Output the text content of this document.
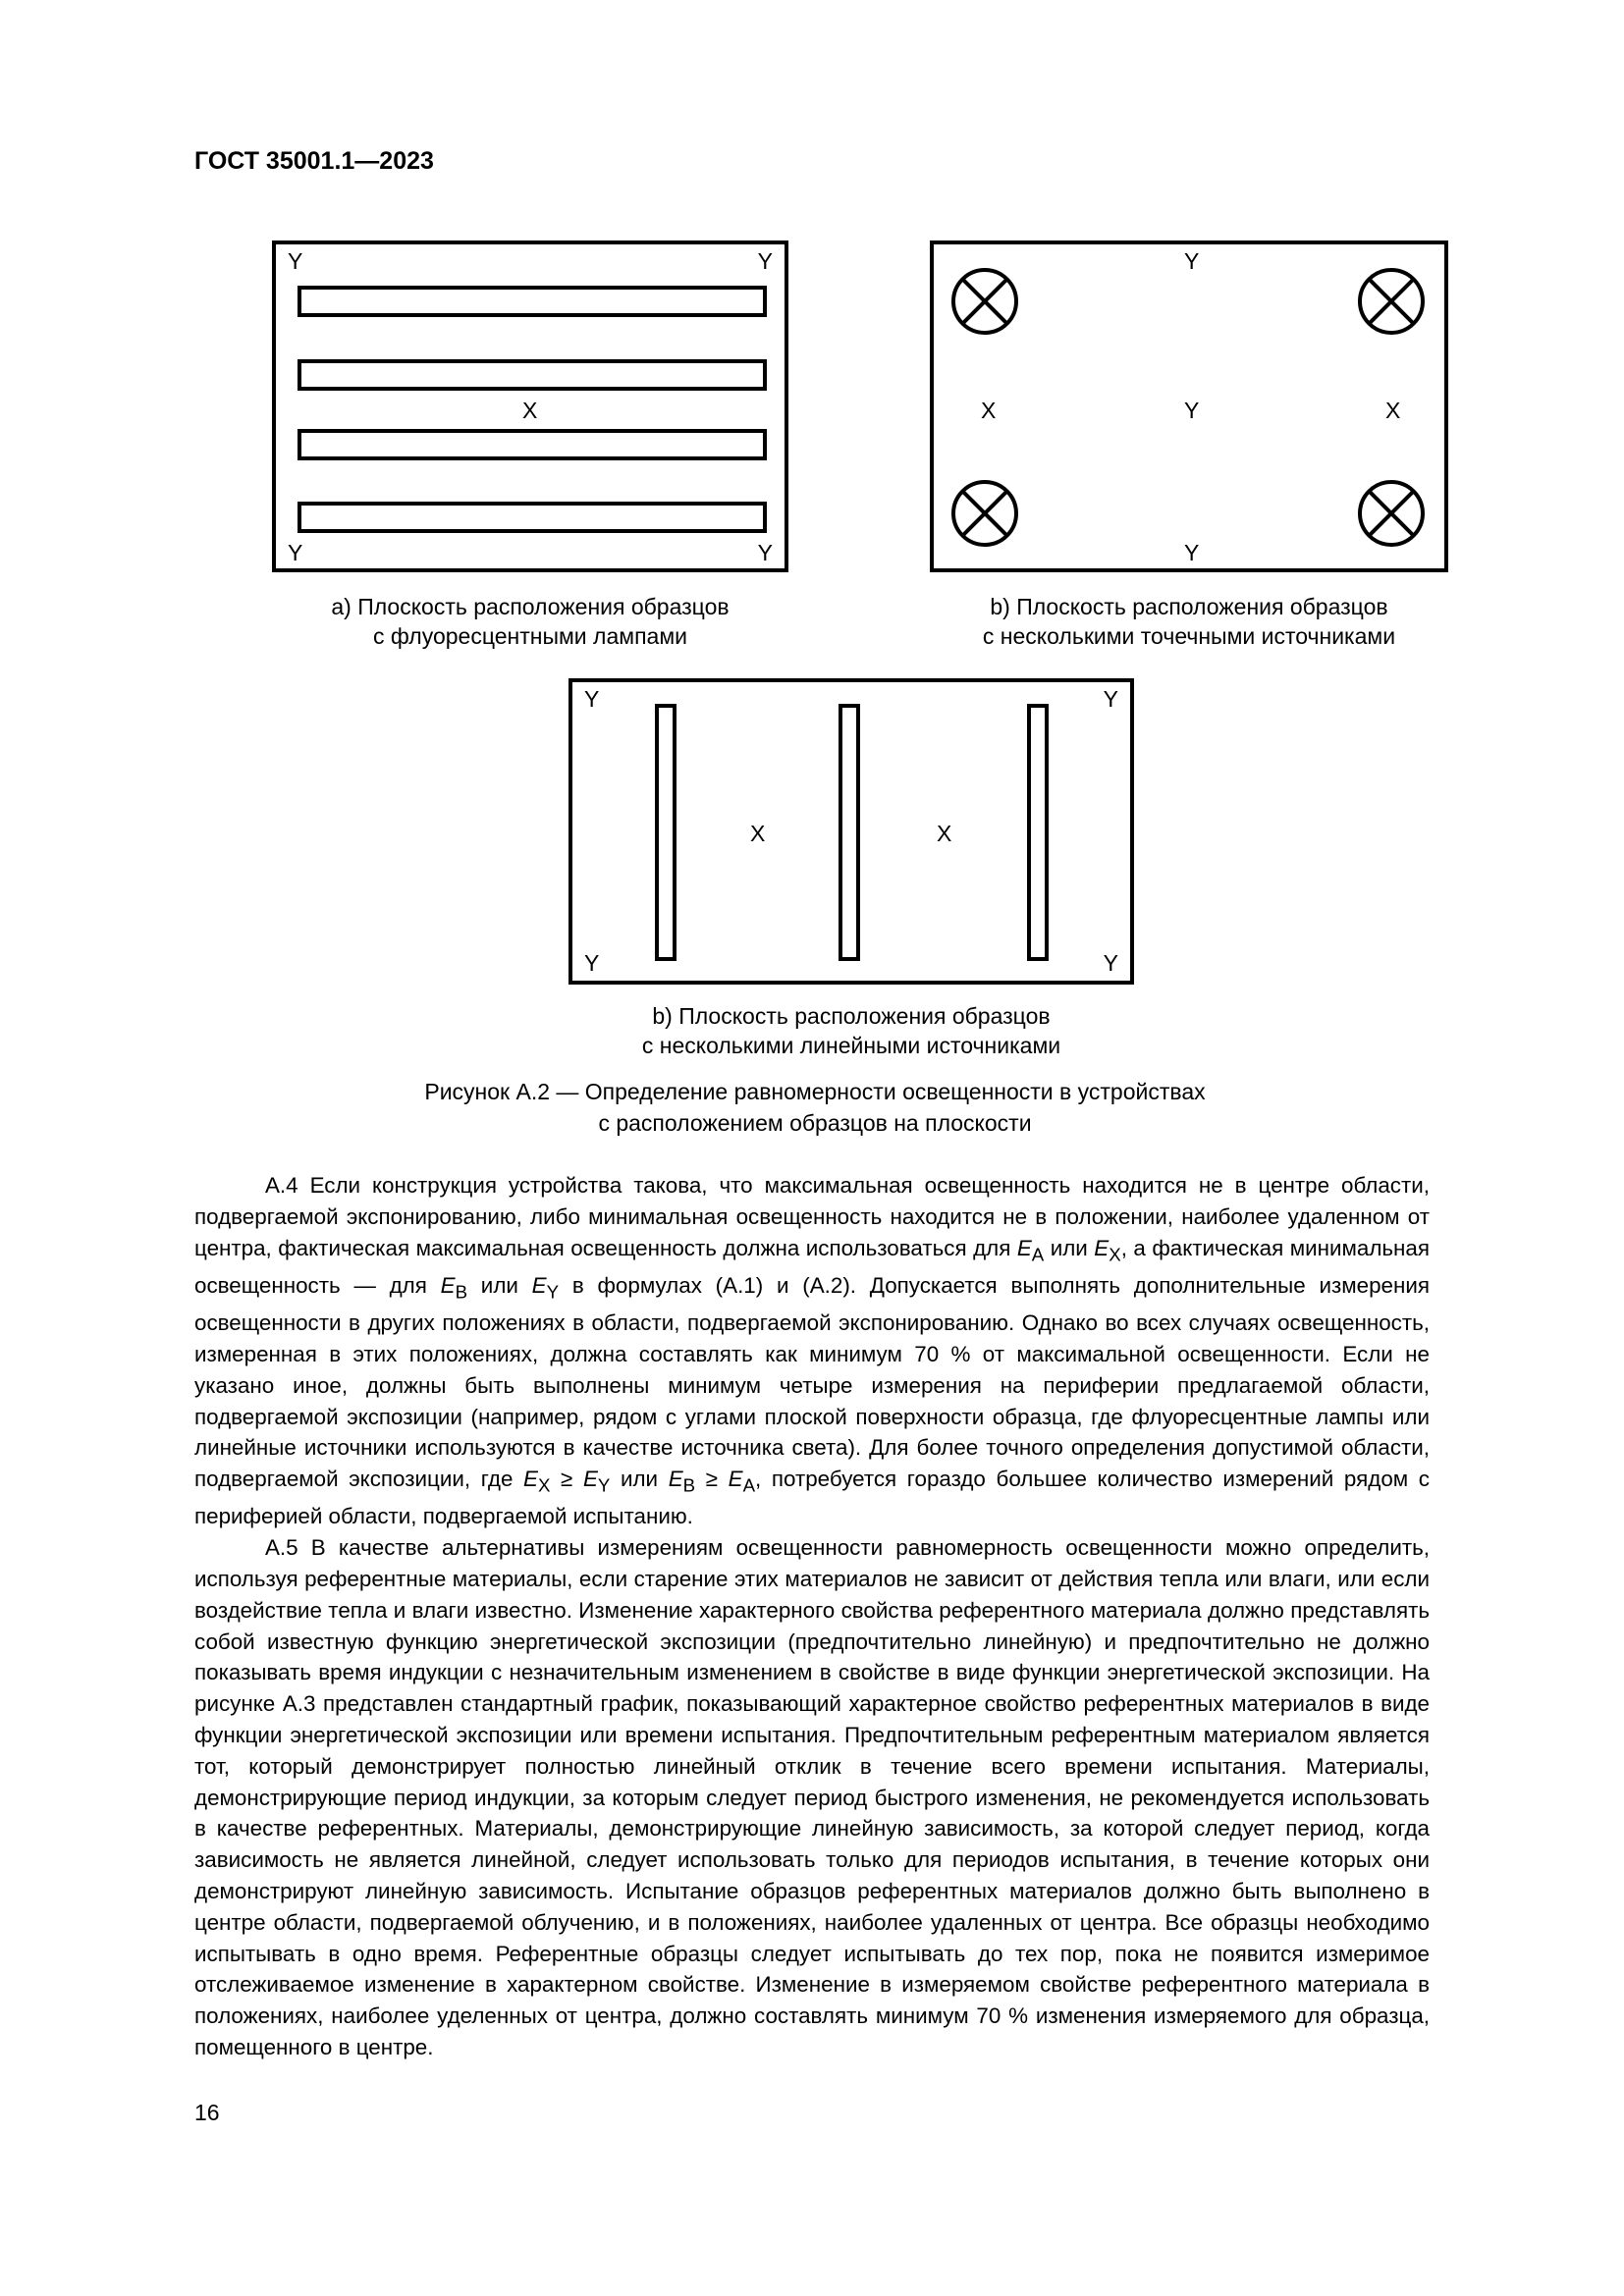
ГОСТ 35001.1—2023
Y	Y
Y	Y
X
а) Плоскость расположения образцов
с флуоресцентными лампами
Y
Y
Y
X	X
b) Плоскость расположения образцов
с несколькими точечными источниками
Y	Y
Y	Y
X	X
b) Плоскость расположения образцов
с несколькими линейными источниками
Рисунок А.2 — Определение равномерности освещенности в устройствах
с расположением образцов на плоскости

А.4 Если конструкция устройства такова, что максимальная освещенность находится не в центре области, подвергаемой экспонированию, либо минимальная освещенность находится не в положении, наиболее удаленном от центра, фактическая максимальная освещенность должна использоваться для $E_A$ или $E_X$, а фактическая минимальная освещенность — для $E_B$ или $E_Y$ в формулах (А.1) и (А.2). Допускается выполнять дополнительные измерения освещенности в других положениях в области, подвергаемой экспонированию. Однако во всех случаях освещенность, измеренная в этих положениях, должна составлять как минимум 70 % от максимальной освещенности. Если не указано иное, должны быть выполнены минимум четыре измерения на периферии предлагаемой области, подвергаемой экспозиции (например, рядом с углами плоской поверхности образца, где флуоресцентные лампы или линейные источники используются в качестве источника света). Для более точного определения допустимой области, подвергаемой экспозиции, где $E_X \ge E_Y$ или $E_B \ge E_A$, потребуется гораздо большее количество измерений рядом с периферией области, подвергаемой испытанию.

А.5 В качестве альтернативы измерениям освещенности равномерность освещенности можно определить, используя референтные материалы, если старение этих материалов не зависит от действия тепла или влаги, или если воздействие тепла и влаги известно. Изменение характерного свойства референтного материала должно представлять собой известную функцию энергетической экспозиции (предпочтительно линейную) и предпочтительно не должно показывать время индукции с незначительным изменением в свойстве в виде функции энергетической экспозиции. На рисунке А.3 представлен стандартный график, показывающий характерное свойство референтных материалов в виде функции энергетической экспозиции или времени испытания. Предпочтительным референтным материалом является тот, который демонстрирует полностью линейный отклик в течение всего времени испытания. Материалы, демонстрирующие период индукции, за которым следует период быстрого изменения, не рекомендуется использовать в качестве референтных. Материалы, демонстрирующие линейную зависимость, за которой следует период, когда зависимость не является линейной, следует использовать только для периодов испытания, в течение которых они демонстрируют линейную зависимость. Испытание образцов референтных материалов должно быть выполнено в центре области, подвергаемой облучению, и в положениях, наиболее удаленных от центра. Все образцы необходимо испытывать в одно время. Референтные образцы следует испытывать до тех пор, пока не появится измеримое отслеживаемое изменение в характерном свойстве. Изменение в измеряемом свойстве референтного материала в положениях, наиболее уделенных от центра, должно составлять минимум 70 % изменения измеряемого для образца, помещенного в центре.

16
